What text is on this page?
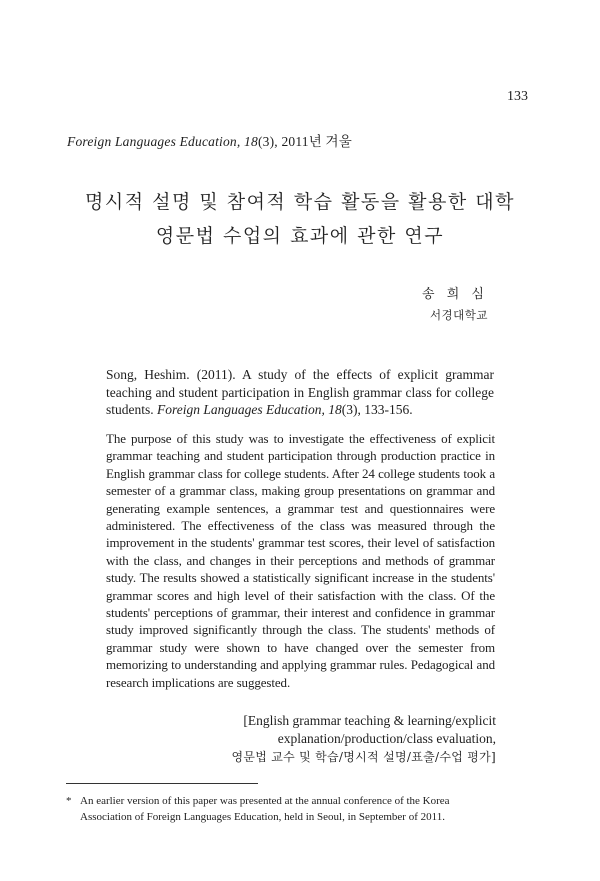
133
Foreign Languages Education, 18(3), 2011년 겨울
명시적 설명 및 참여적 학습 활동을 활용한 대학
영문법 수업의 효과에 관한 연구
송 희 심
서경대학교
Song, Heshim. (2011). A study of the effects of explicit grammar teaching and student participation in English grammar class for college students. Foreign Languages Education, 18(3), 133-156.
The purpose of this study was to investigate the effectiveness of explicit grammar teaching and student participation through production practice in English grammar class for college students. After 24 college students took a semester of a grammar class, making group presentations on grammar and generating example sentences, a grammar test and questionnaires were administered. The effectiveness of the class was measured through the improvement in the students' grammar test scores, their level of satisfaction with the class, and changes in their perceptions and methods of grammar study. The results showed a statistically significant increase in the students' grammar scores and high level of their satisfaction with the class. Of the students' perceptions of grammar, their interest and confidence in grammar study improved significantly through the class. The students' methods of grammar study were shown to have changed over the semester from memorizing to understanding and applying grammar rules. Pedagogical and research implications are suggested.
[English grammar teaching & learning/explicit
explanation/production/class evaluation,
영문법 교수 및 학습/명시적 설명/표출/수업 평가]
* An earlier version of this paper was presented at the annual conference of the Korea
Association of Foreign Languages Education, held in Seoul, in September of 2011.
